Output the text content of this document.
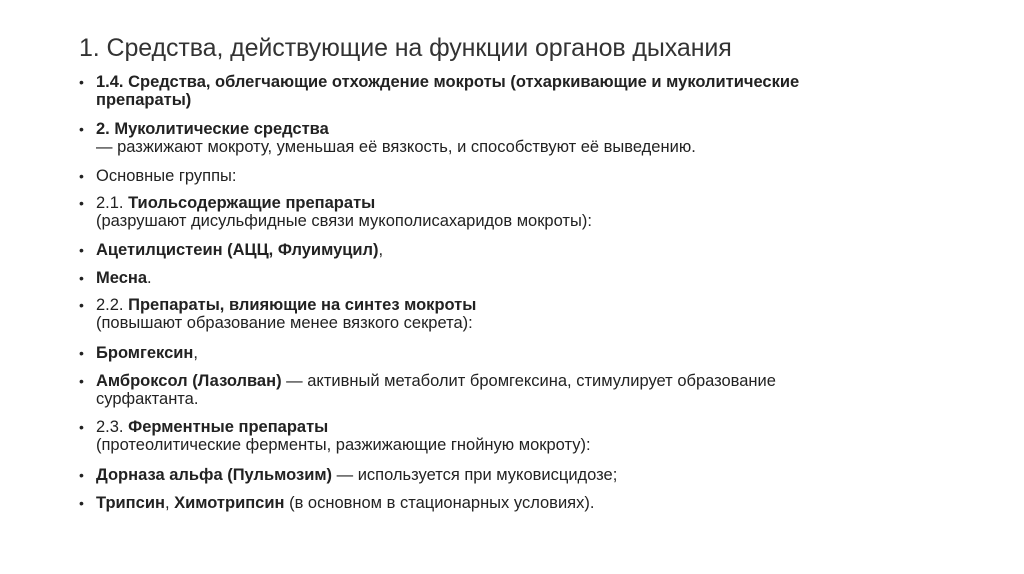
1. Средства, действующие на функции органов дыхания
• 1.4. Средства, облегчающие отхождение мокроты (отхаркивающие и муколитические
препараты)
• 2. Муколитические средства
— разжижают мокроту, уменьшая её вязкость, и способствуют её выведению.
• Основные группы:
• 2.1. Тиольсодержащие препараты
(разрушают дисульфидные связи мукополисахаридов мокроты):
• Ацетилцистеин (АЦЦ, Флуимуцил),
• Месна.
• 2.2. Препараты, влияющие на синтез мокроты
(повышают образование менее вязкого секрета):
• Бромгексин,
• Амброксол (Лазолван) — активный метаболит бромгексина, стимулирует образование
сурфактанта.
• 2.3. Ферментные препараты
(протеолитические ферменты, разжижающие гнойную мокроту):
• Дорназа альфа (Пульмозим) — используется при муковисцидозе;
• Трипсин, Химотрипсин (в основном в стационарных условиях).
